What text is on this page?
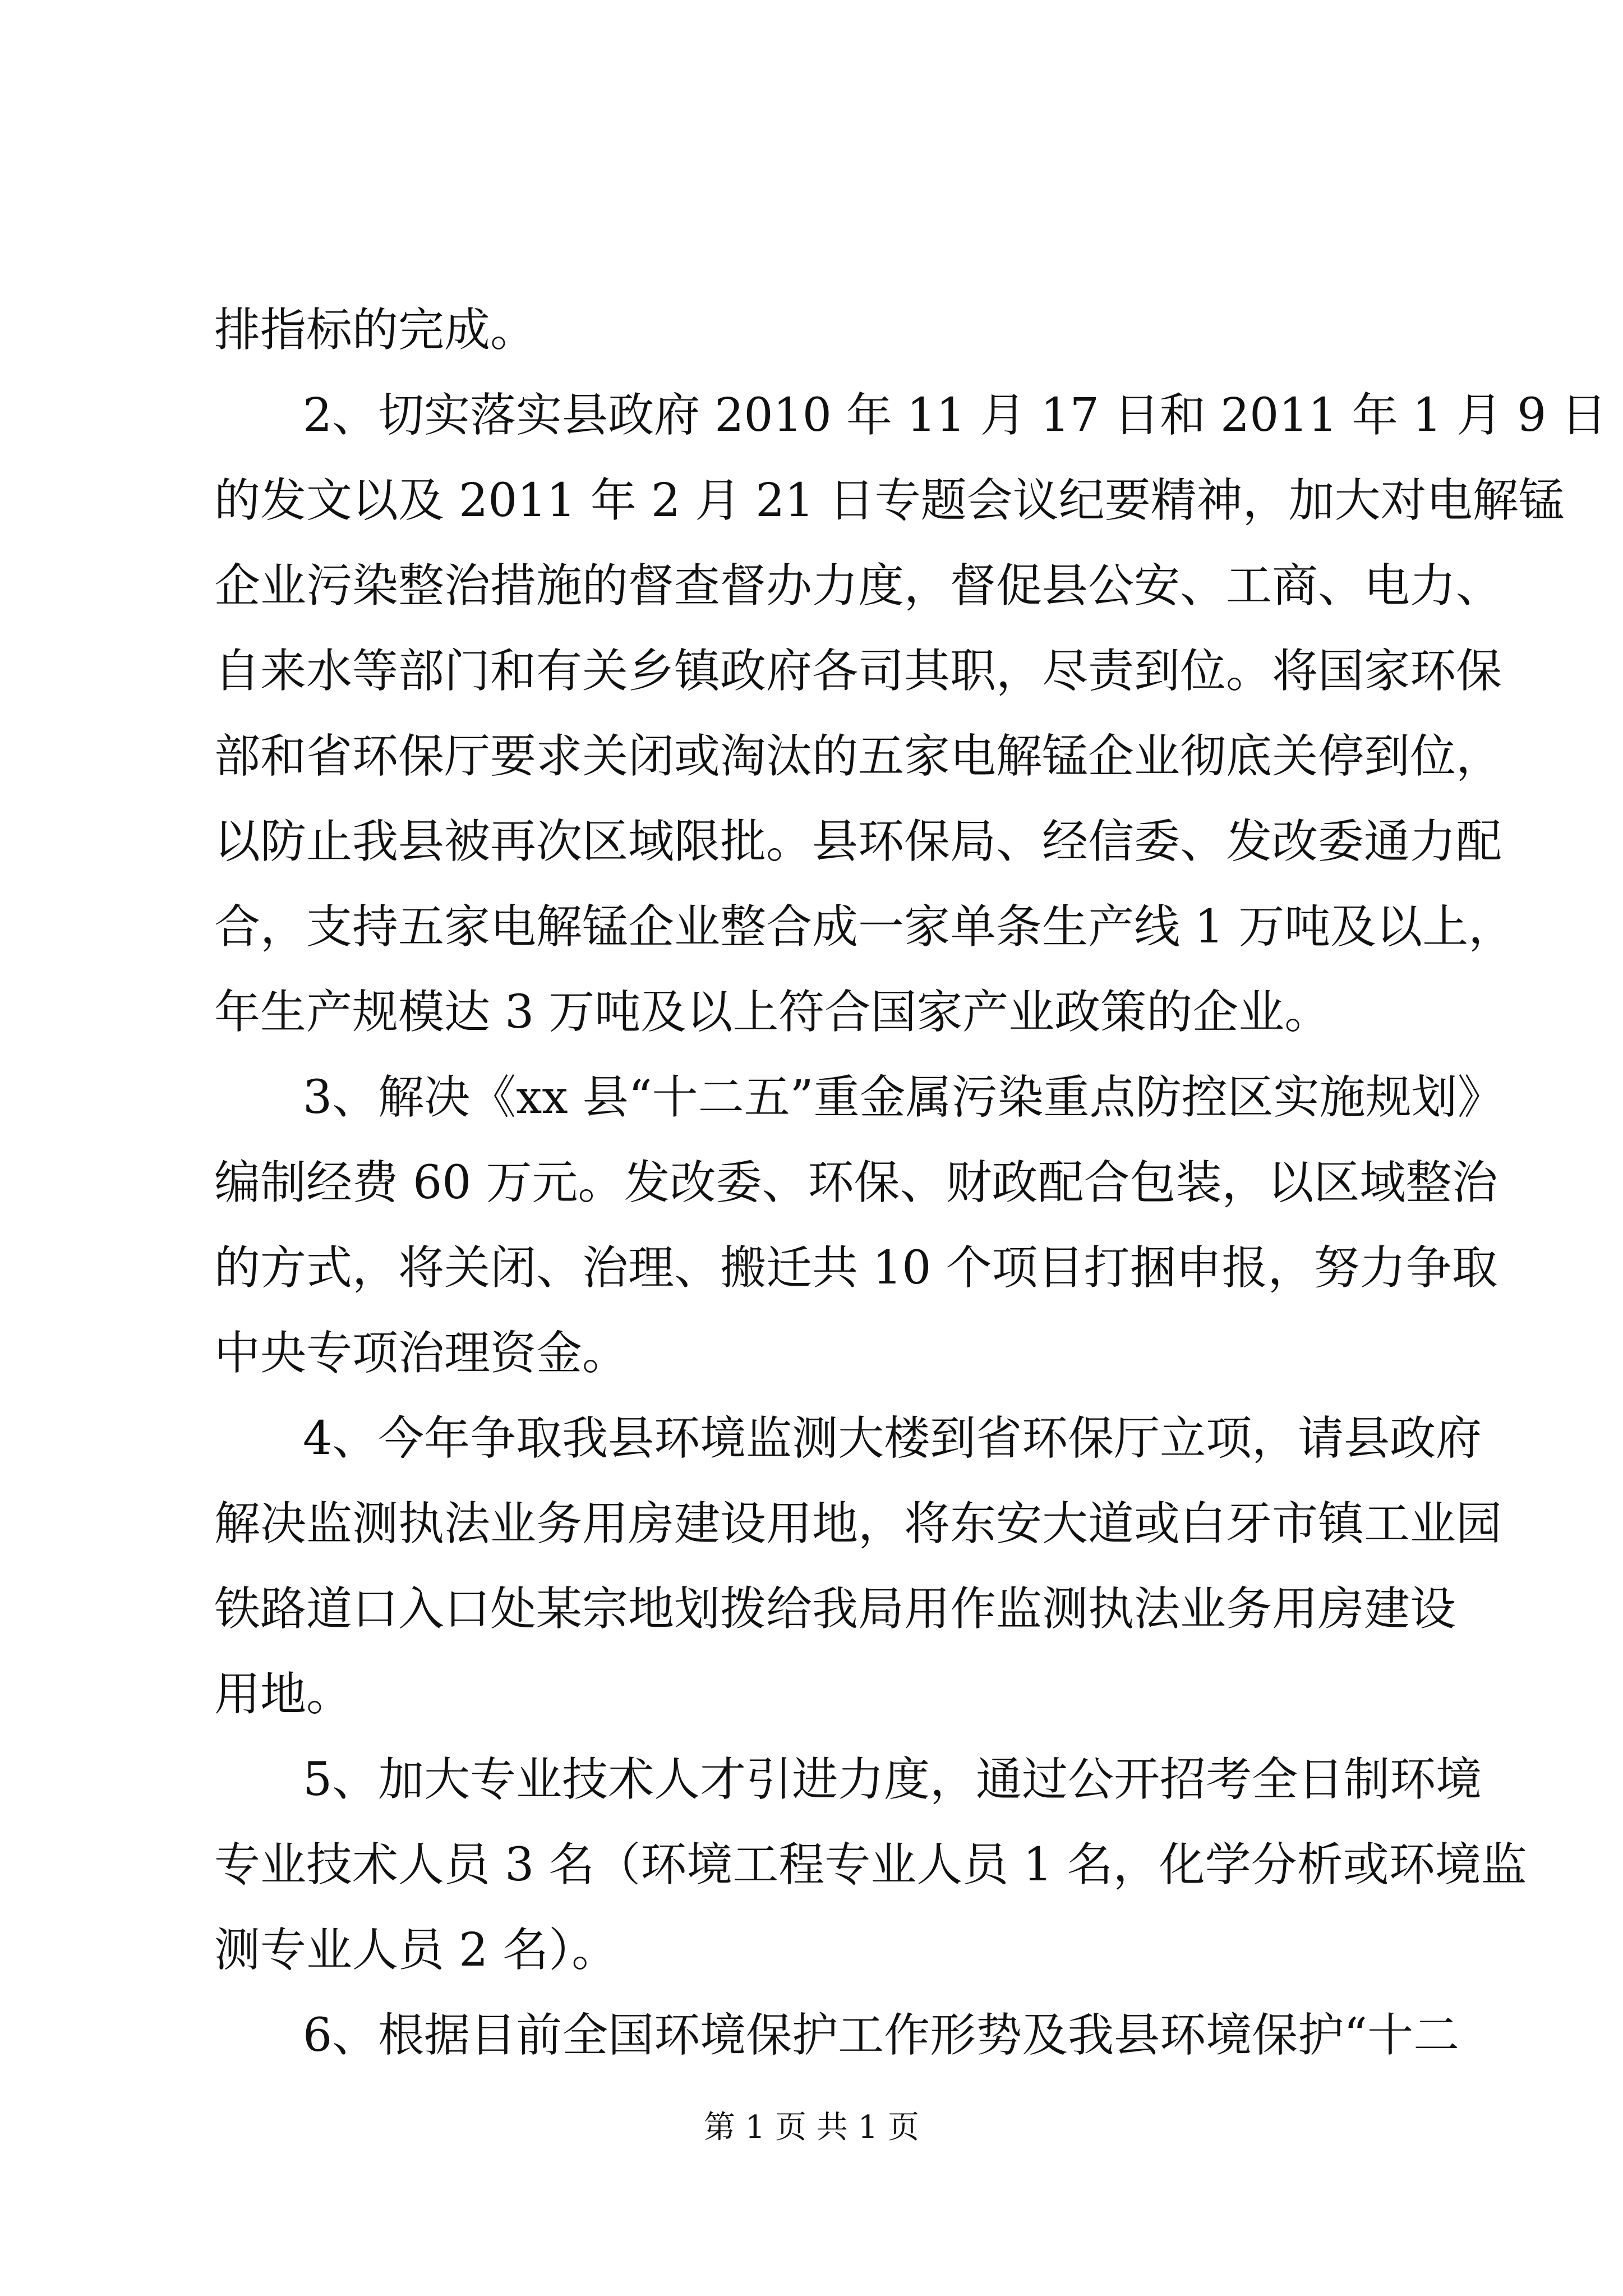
排指标的完成。
2、切实落实县政府 2010 年 11 月 17 日和 2011 年 1 月 9 日
的发文以及 2011 年 2 月 21 日专题会议纪要精神，加大对电解锰
企业污染整治措施的督查督办力度，督促县公安、工商、电力、
自来水等部门和有关乡镇政府各司其职，尽责到位。将国家环保
部和省环保厅要求关闭或淘汰的五家电解锰企业彻底关停到位，
以防止我县被再次区域限批。县环保局、经信委、发改委通力配
合，支持五家电解锰企业整合成一家单条生产线 1 万吨及以上，
年生产规模达 3 万吨及以上符合国家产业政策的企业。
3、解决《xx 县“十二五”重金属污染重点防控区实施规划》
编制经费 60 万元。发改委、环保、财政配合包装，以区域整治
的方式，将关闭、治理、搬迁共 10 个项目打捆申报，努力争取
中央专项治理资金。
4、今年争取我县环境监测大楼到省环保厅立项，请县政府
解决监测执法业务用房建设用地，将东安大道或白牙市镇工业园
铁路道口入口处某宗地划拨给我局用作监测执法业务用房建设
用地。
5、加大专业技术人才引进力度，通过公开招考全日制环境
专业技术人员 3 名（环境工程专业人员 1 名，化学分析或环境监
测专业人员 2 名）。
6、根据目前全国环境保护工作形势及我县环境保护“十二
第 1 页 共 1 页
